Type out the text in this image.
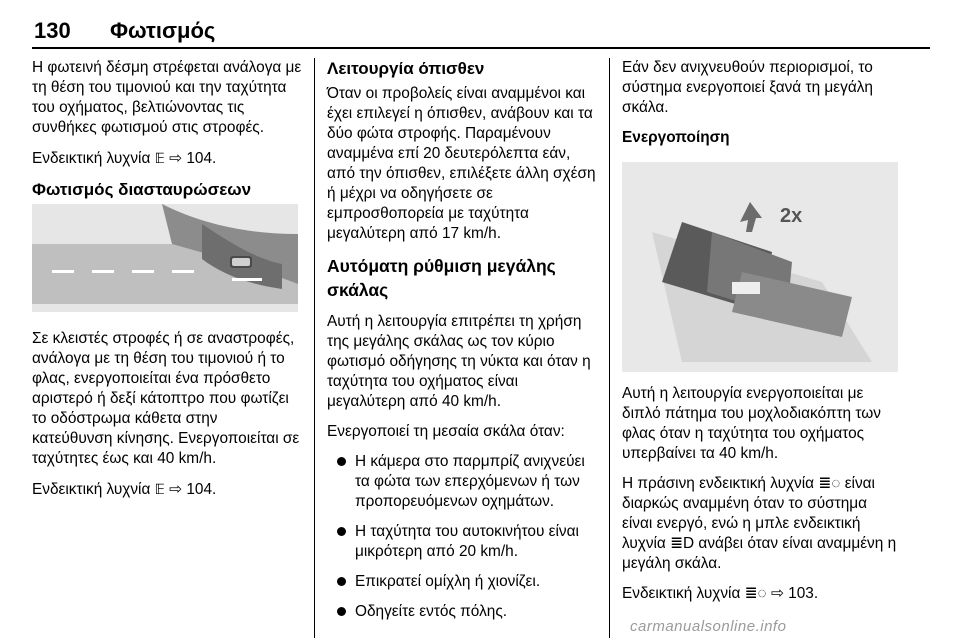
130 Φωτισμός

Η φωτεινή δέσμη στρέφεται ανάλογα με τη θέση του τιμονιού και την ταχύτητα του οχήματος, βελτιώνοντας τις συνθήκες φωτισμού στις στροφές.

Ενδεικτική λυχνία 𝔼 ⇨ 104.

Φωτισμός διασταυρώσεων

Σε κλειστές στροφές ή σε αναστροφές, ανάλογα με τη θέση του τιμονιού ή το φλας, ενεργοποιείται ένα πρόσθετο αριστερό ή δεξί κάτοπτρο που φωτίζει το οδόστρωμα κάθετα στην κατεύθυνση κίνησης. Ενεργοποιείται σε ταχύτητες έως και 40 km/h.

Ενδεικτική λυχνία 𝔼 ⇨ 104.

Λειτουργία όπισθεν

Όταν οι προβολείς είναι αναμμένοι και έχει επιλεγεί η όπισθεν, ανάβουν και τα δύο φώτα στροφής. Παραμένουν αναμμένα επί 20 δευτερόλεπτα εάν, από την όπισθεν, επιλέξετε άλλη σχέση ή μέχρι να οδηγήσετε σε εμπροσθοπορεία με ταχύτητα μεγαλύτερη από 17 km/h.

Αυτόματη ρύθμιση μεγάλης σκάλας

Αυτή η λειτουργία επιτρέπει τη χρήση της μεγάλης σκάλας ως τον κύριο φωτισμό οδήγησης τη νύκτα και όταν η ταχύτητα του οχήματος είναι μεγαλύτερη από 40 km/h.

Ενεργοποιεί τη μεσαία σκάλα όταν:

Η κάμερα στο παρμπρίζ ανιχνεύει τα φώτα των επερχόμενων ή των προπορευόμενων οχημάτων.
Η ταχύτητα του αυτοκινήτου είναι μικρότερη από 20 km/h.
Επικρατεί ομίχλη ή χιονίζει.
Οδηγείτε εντός πόλης.

Εάν δεν ανιχνευθούν περιορισμοί, το σύστημα ενεργοποιεί ξανά τη μεγάλη σκάλα.

Ενεργοποίηση

Αυτή η λειτουργία ενεργοποιείται με διπλό πάτημα του μοχλοδιακόπτη των φλας όταν η ταχύτητα του οχήματος υπερβαίνει τα 40 km/h.

Η πράσινη ενδεικτική λυχνία ≣◌ είναι διαρκώς αναμμένη όταν το σύστημα είναι ενεργό, ενώ η μπλε ενδεικτική λυχνία ≣D ανάβει όταν είναι αναμμένη η μεγάλη σκάλα.

Ενδεικτική λυχνία ≣◌ ⇨ 103.

2x
carmanualsonline.info
